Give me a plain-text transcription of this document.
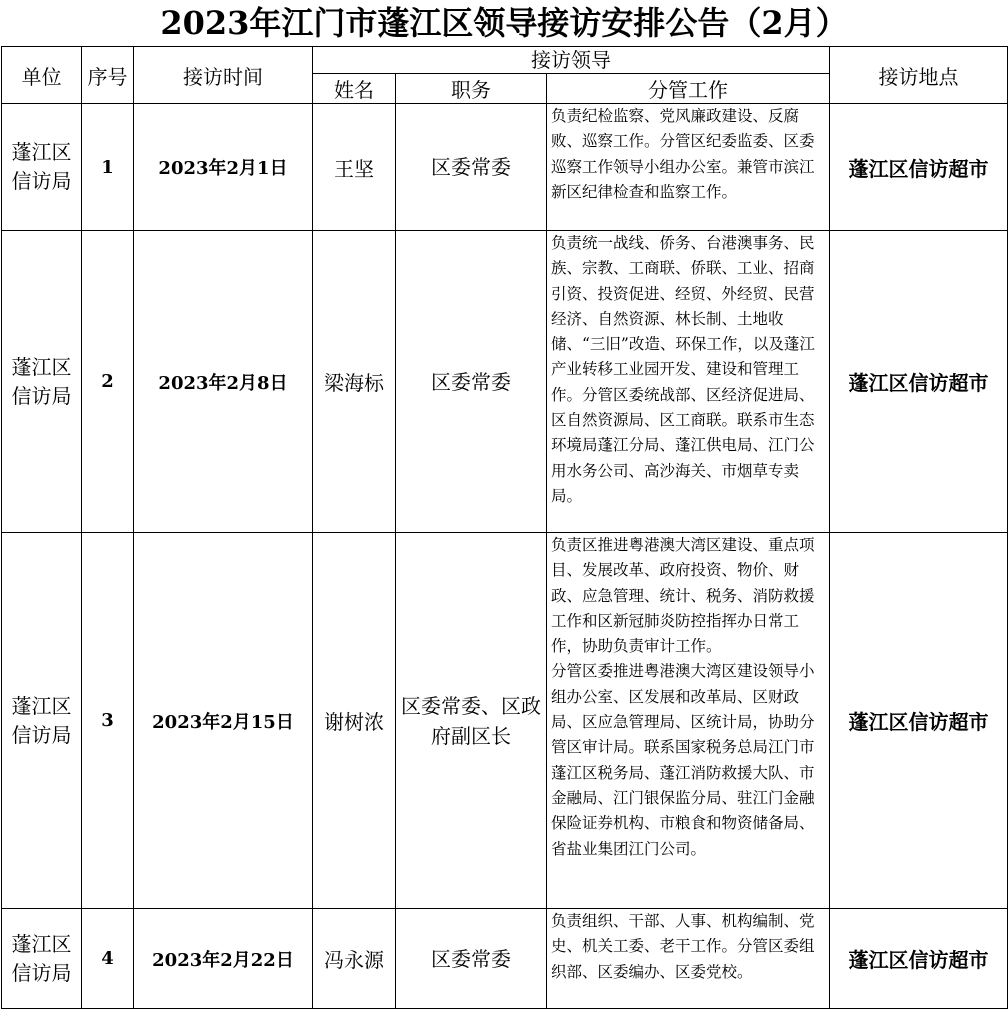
2023年江门市蓬江区领导接访安排公告（2月）
单位	序号	接访时间	接访领导			接访地点
			姓名	职务	分管工作	
蓬江区信访局	1	2023年2月1日	王坚	区委常委	负责纪检监察、党风廉政建设、反腐败、巡察工作。分管区纪委监委、区委巡察工作领导小组办公室。兼管市滨江新区纪律检查和监察工作。	蓬江区信访超市
蓬江区信访局	2	2023年2月8日	梁海标	区委常委	负责统一战线、侨务、台港澳事务、民族、宗教、工商联、侨联、工业、招商引资、投资促进、经贸、外经贸、民营经济、自然资源、林长制、土地收储、“三旧”改造、环保工作，以及蓬江产业转移工业园开发、建设和管理工作。分管区委统战部、区经济促进局、区自然资源局、区工商联。联系市生态环境局蓬江分局、蓬江供电局、江门公用水务公司、高沙海关、市烟草专卖局。	蓬江区信访超市
蓬江区信访局	3	2023年2月15日	谢树浓	区委常委、区政府副区长	负责区推进粤港澳大湾区建设、重点项目、发展改革、政府投资、物价、财政、应急管理、统计、税务、消防救援工作和区新冠肺炎防控指挥办日常工作，协助负责审计工作。
分管区委推进粤港澳大湾区建设领导小组办公室、区发展和改革局、区财政局、区应急管理局、区统计局，协助分管区审计局。联系国家税务总局江门市蓬江区税务局、蓬江消防救援大队、市金融局、江门银保监分局、驻江门金融保险证券机构、市粮食和物资储备局、省盐业集团江门公司。	蓬江区信访超市
蓬江区信访局	4	2023年2月22日	冯永源	区委常委	负责组织、干部、人事、机构编制、党史、机关工委、老干工作。分管区委组织部、区委编办、区委党校。	蓬江区信访超市
